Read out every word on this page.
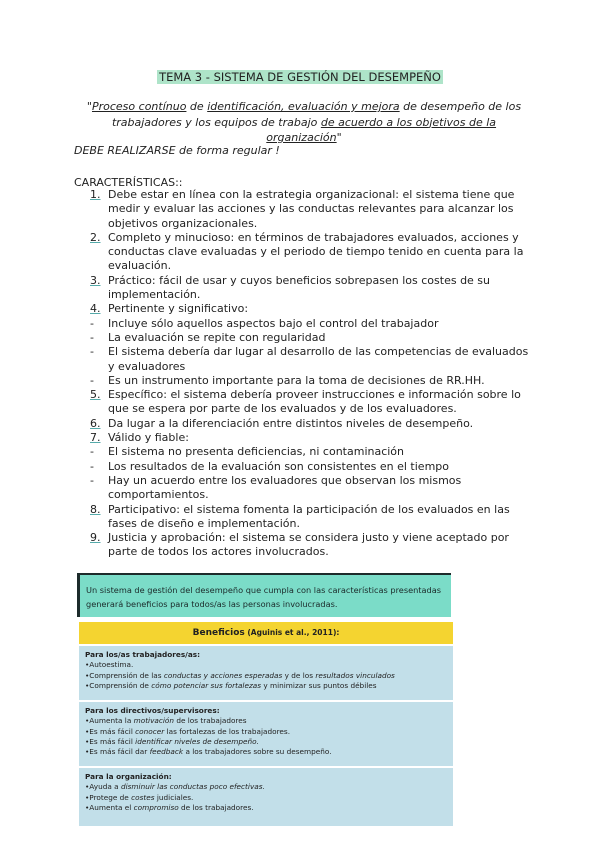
TEMA 3 - SISTEMA DE GESTIÓN DEL DESEMPEÑO
"Proceso contínuo de identificación, evaluación y mejora de desempeño de los trabajadores y los equipos de trabajo de acuerdo a los objetivos de la organización"
DEBE REALIZARSE de forma regular !
CARACTERÍSTICAS::
1. Debe estar en línea con la estrategia organizacional: el sistema tiene que medir y evaluar las acciones y las conductas relevantes para alcanzar los objetivos organizacionales.
2. Completo y minucioso: en términos de trabajadores evaluados, acciones y conductas clave evaluadas y el periodo de tiempo tenido en cuenta para la evaluación.
3. Práctico: fácil de usar y cuyos beneficios sobrepasen los costes de su implementación.
4. Pertinente y significativo:
-	Incluye sólo aquellos aspectos bajo el control del trabajador
-	La evaluación se repite con regularidad
-	El sistema debería dar lugar al desarrollo de las competencias de evaluados y evaluadores
-	Es un instrumento importante para la toma de decisiones de RR.HH.
5. Específico: el sistema debería proveer instrucciones e información sobre lo que se espera por parte de los evaluados y de los evaluadores.
6. Da lugar a la diferenciación entre distintos niveles de desempeño.
7. Válido y fiable:
-	El sistema no presenta deficiencias, ni contaminación
-	Los resultados de la evaluación son consistentes en el tiempo
-	Hay un acuerdo entre los evaluadores que observan los mismos comportamientos.
8. Participativo: el sistema fomenta la participación de los evaluados en las fases de diseño e implementación.
9. Justicia y aprobación: el sistema se considera justo y viene aceptado por parte de todos los actores involucrados.
Un sistema de gestión del desempeño que cumpla con las características presentadas generará beneficios para todos/as las personas involucradas.
Beneficios (Aguinis et al., 2011):
Para los/as trabajadores/as:
•Autoestima.
•Comprensión de las conductas y acciones esperadas y de los resultados vinculados
•Comprensión de cómo potenciar sus fortalezas y minimizar sus puntos débiles
Para los directivos/supervisores:
•Aumenta la motivación de los trabajadores
•Es más fácil conocer las fortalezas de los trabajadores.
•Es más fácil identificar niveles de desempeño.
•Es más fácil dar feedback a los trabajadores sobre su desempeño.
Para la organización:
•Ayuda a disminuir las conductas poco efectivas.
•Protege de costes judiciales.
•Aumenta el compromiso de los trabajadores.
